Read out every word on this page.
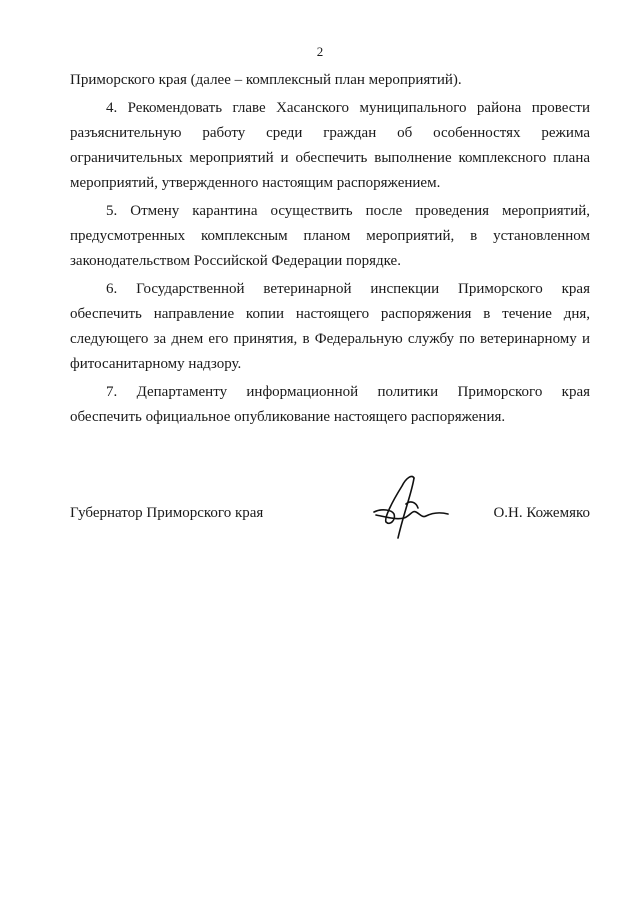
2
Приморского края (далее – комплексный план мероприятий).
4. Рекомендовать главе Хасанского муниципального района провести
разъяснительную работу среди граждан об особенностях режима
ограничительных мероприятий и обеспечить выполнение комплексного плана
мероприятий, утвержденного настоящим распоряжением.
5. Отмену карантина осуществить после проведения мероприятий,
предусмотренных комплексным планом мероприятий, в установленном
законодательством Российской Федерации порядке.
6. Государственной ветеринарной инспекции Приморского края
обеспечить направление копии настоящего распоряжения в течение дня,
следующего за днем его принятия, в Федеральную службу по ветеринарному и
фитосанитарному надзору.
7. Департаменту информационной политики Приморского края
обеспечить официальное опубликование настоящего распоряжения.
Губернатор Приморского края	О.Н. Кожемяко
